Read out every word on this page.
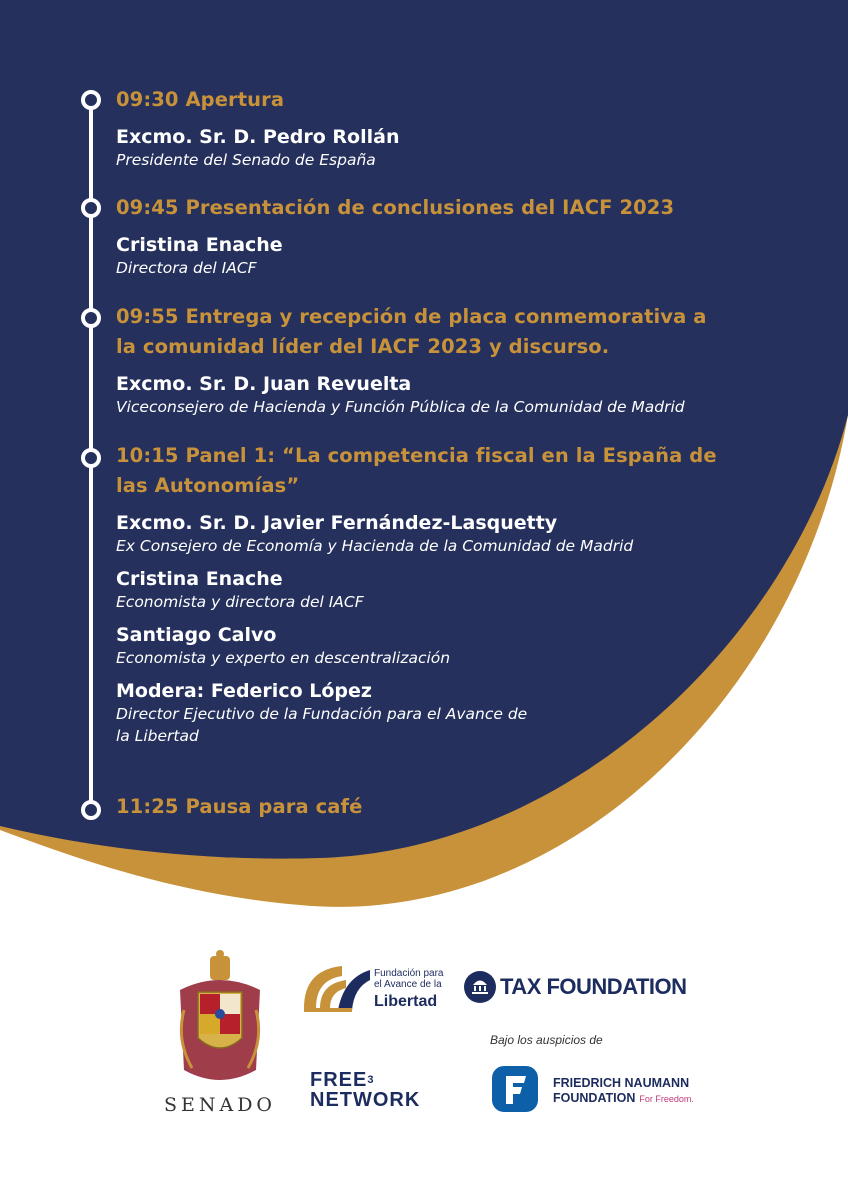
09:30 Apertura
Excmo. Sr. D. Pedro Rollán
Presidente del Senado de España
09:45 Presentación de conclusiones del IACF 2023
Cristina Enache
Directora del IACF
09:55 Entrega y recepción de placa conmemorativa a
la comunidad líder del IACF 2023 y discurso.
Excmo. Sr. D. Juan Revuelta
Viceconsejero de Hacienda y Función Pública de la Comunidad de Madrid
10:15 Panel 1: “La competencia fiscal en la España de
las Autonomías”
Excmo. Sr. D. Javier Fernández-Lasquetty
Ex Consejero de Economía y Hacienda de la Comunidad de Madrid
Cristina Enache
Economista y directora del IACF
Santiago Calvo
Economista y experto en descentralización
Modera: Federico López
Director Ejecutivo de la Fundación para el Avance de
la Libertad
11:25 Pausa para café
SENADO
Fundación para
el Avance de la
Libertad
TAX FOUNDATION
Bajo los auspicios de
FREE$^3$
NETWORK
FRIEDRICH NAUMANN
FOUNDATION For Freedom.
